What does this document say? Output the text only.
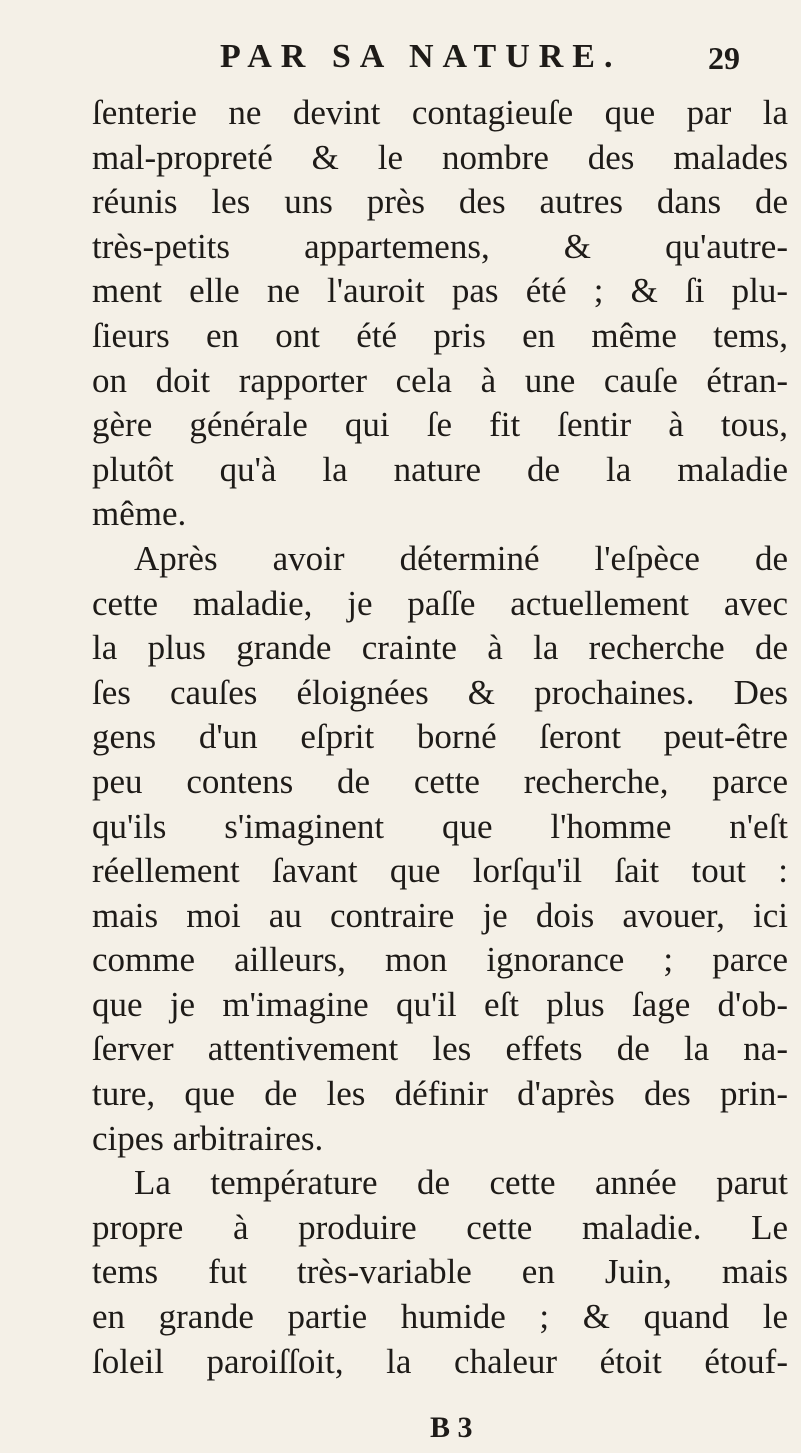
PAR SA NATURE.	29
ſenterie ne devint contagieuſe que par la
mal-propreté & le nombre des malades
réunis les uns près des autres dans de
très-petits appartemens, & qu'autre-
ment elle ne l'auroit pas été ; & ſi plu-
ſieurs en ont été pris en même tems,
on doit rapporter cela à une cauſe étran-
gère générale qui ſe fit ſentir à tous,
plutôt qu'à la nature de la maladie
même.
Après avoir déterminé l'eſpèce de
cette maladie, je paſſe actuellement avec
la plus grande crainte à la recherche de
ſes cauſes éloignées & prochaines. Des
gens d'un eſprit borné ſeront peut-être
peu contens de cette recherche, parce
qu'ils s'imaginent que l'homme n'eſt
réellement ſavant que lorſqu'il ſait tout :
mais moi au contraire je dois avouer, ici
comme ailleurs, mon ignorance ; parce
que je m'imagine qu'il eſt plus ſage d'ob-
ſerver attentivement les effets de la na-
ture, que de les définir d'après des prin-
cipes arbitraires.
La température de cette année parut
propre à produire cette maladie. Le
tems fut très-variable en Juin, mais
en grande partie humide ; & quand le
ſoleil paroiſſoit, la chaleur étoit étouf-
B 3
